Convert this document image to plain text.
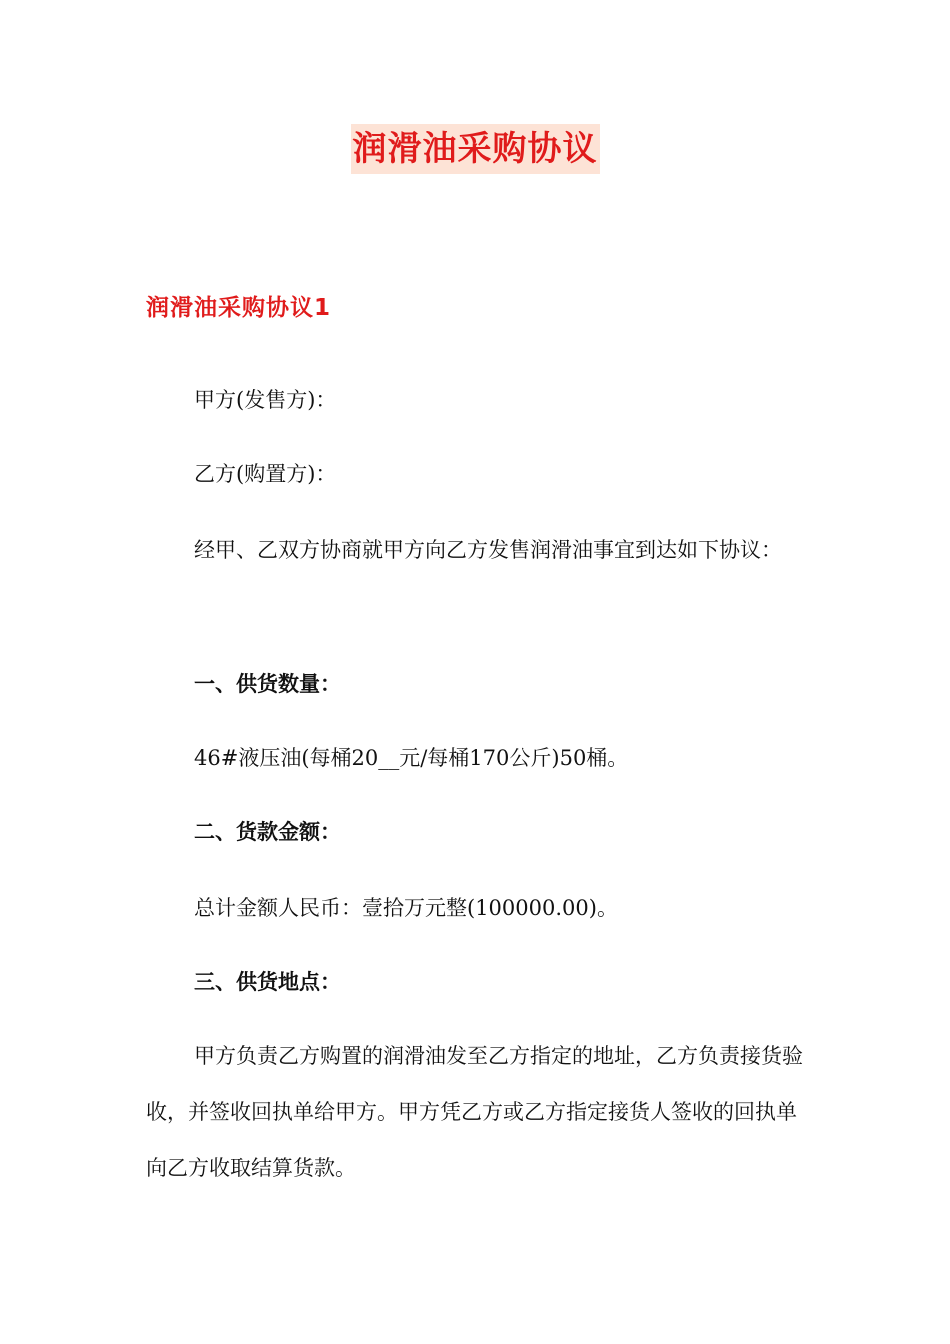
润滑油采购协议
润滑油采购协议1

甲方(发售方)：

乙方(购置方)：

经甲、乙双方协商就甲方向乙方发售润滑油事宜到达如下协议：

一、供货数量：

46#液压油(每桶20__元/每桶170公斤)50桶。

二、货款金额：

总计金额人民币：壹拾万元整(100000.00)。

三、供货地点：

甲方负责乙方购置的润滑油发至乙方指定的地址，乙方负责接货验收，并签收回执单给甲方。甲方凭乙方或乙方指定接货人签收的回执单向乙方收取结算货款。
